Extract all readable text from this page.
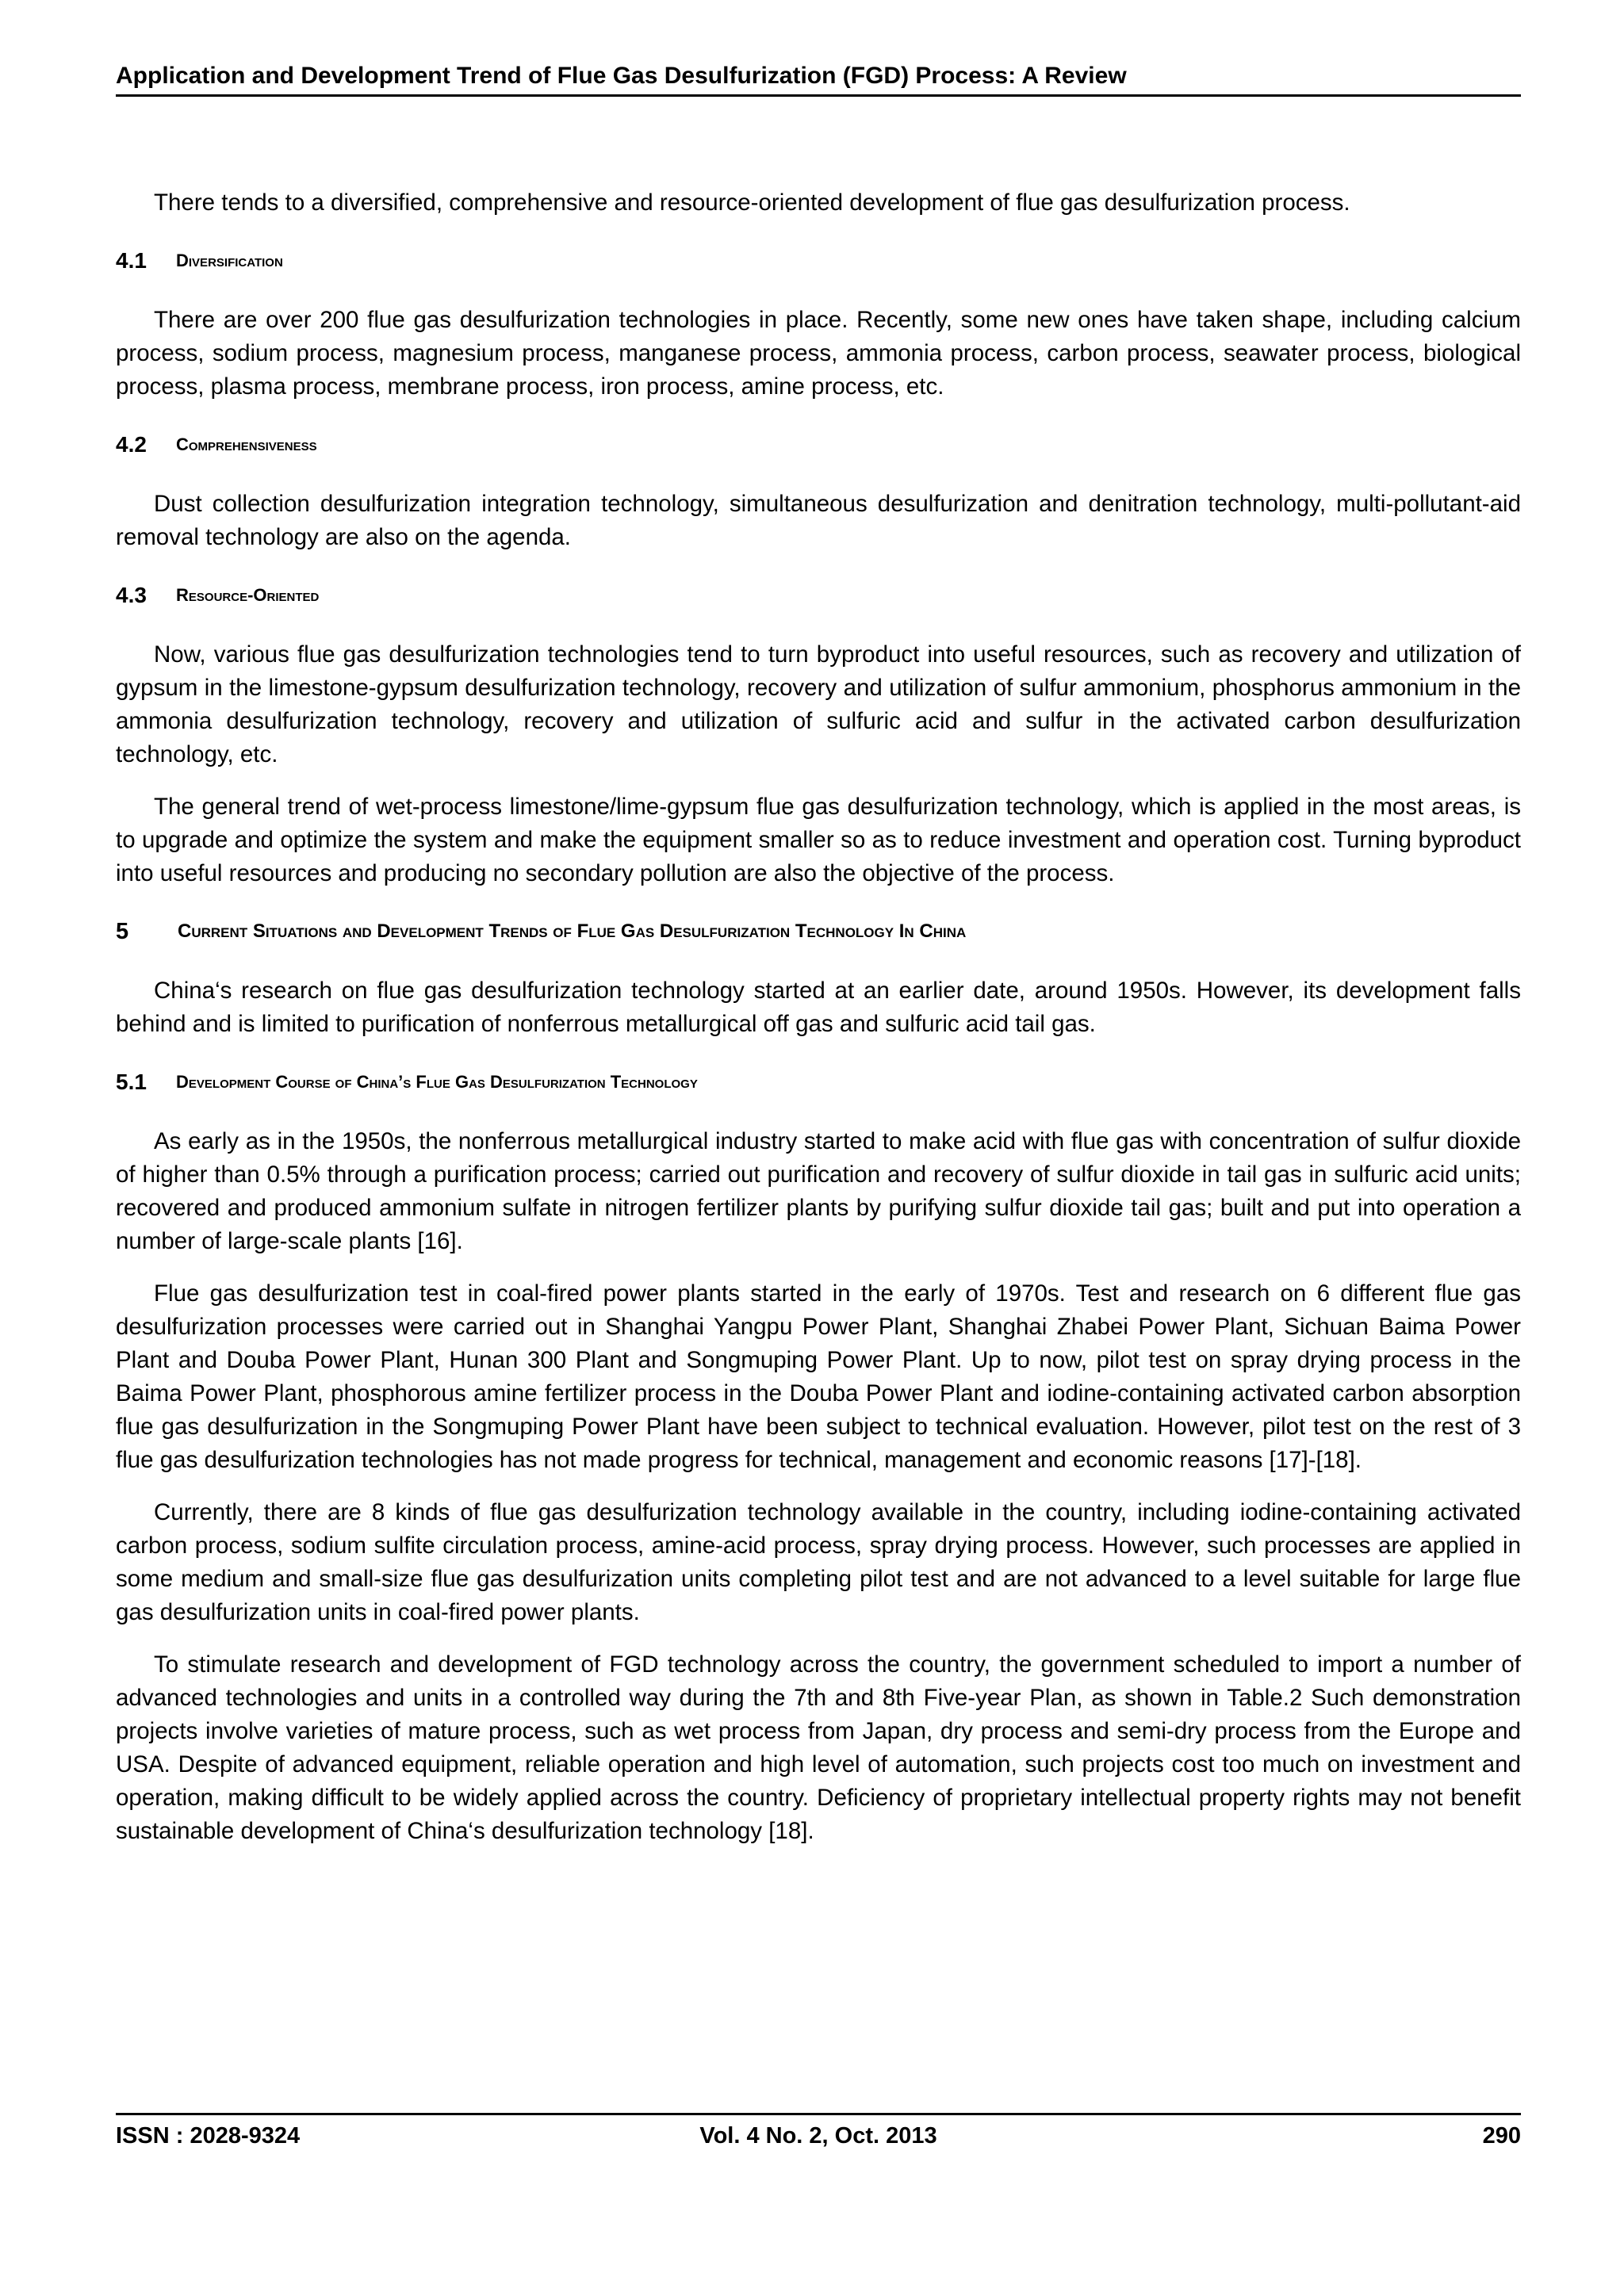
Application and Development Trend of Flue Gas Desulfurization (FGD) Process: A Review

There tends to a diversified, comprehensive and resource-oriented development of flue gas desulfurization process.

4.1	Diversification

There are over 200 flue gas desulfurization technologies in place. Recently, some new ones have taken shape, including calcium process, sodium process, magnesium process, manganese process, ammonia process, carbon process, seawater process, biological process, plasma process, membrane process, iron process, amine process, etc.

4.2	Comprehensiveness

Dust collection desulfurization integration technology, simultaneous desulfurization and denitration technology, multi-pollutant-aid removal technology are also on the agenda.

4.3	Resource-Oriented

Now, various flue gas desulfurization technologies tend to turn byproduct into useful resources, such as recovery and utilization of gypsum in the limestone-gypsum desulfurization technology, recovery and utilization of sulfur ammonium, phosphorus ammonium in the ammonia desulfurization technology, recovery and utilization of sulfuric acid and sulfur in the activated carbon desulfurization technology, etc.

The general trend of wet-process limestone/lime-gypsum flue gas desulfurization technology, which is applied in the most areas, is to upgrade and optimize the system and make the equipment smaller so as to reduce investment and operation cost. Turning byproduct into useful resources and producing no secondary pollution are also the objective of the process.

5	Current Situations and Development Trends of Flue Gas Desulfurization Technology In China

China‘s research on flue gas desulfurization technology started at an earlier date, around 1950s. However, its development falls behind and is limited to purification of nonferrous metallurgical off gas and sulfuric acid tail gas.

5.1	Development Course of China’s Flue Gas Desulfurization Technology

As early as in the 1950s, the nonferrous metallurgical industry started to make acid with flue gas with concentration of sulfur dioxide of higher than 0.5% through a purification process; carried out purification and recovery of sulfur dioxide in tail gas in sulfuric acid units; recovered and produced ammonium sulfate in nitrogen fertilizer plants by purifying sulfur dioxide tail gas; built and put into operation a number of large-scale plants [16].

Flue gas desulfurization test in coal-fired power plants started in the early of 1970s. Test and research on 6 different flue gas desulfurization processes were carried out in Shanghai Yangpu Power Plant, Shanghai Zhabei Power Plant, Sichuan Baima Power Plant and Douba Power Plant, Hunan 300 Plant and Songmuping Power Plant. Up to now, pilot test on spray drying process in the Baima Power Plant, phosphorous amine fertilizer process in the Douba Power Plant and iodine-containing activated carbon absorption flue gas desulfurization in the Songmuping Power Plant have been subject to technical evaluation. However, pilot test on the rest of 3 flue gas desulfurization technologies has not made progress for technical, management and economic reasons [17]-[18].

Currently, there are 8 kinds of flue gas desulfurization technology available in the country, including iodine-containing activated carbon process, sodium sulfite circulation process, amine-acid process, spray drying process. However, such processes are applied in some medium and small-size flue gas desulfurization units completing pilot test and are not advanced to a level suitable for large flue gas desulfurization units in coal-fired power plants.

To stimulate research and development of FGD technology across the country, the government scheduled to import a number of advanced technologies and units in a controlled way during the 7th and 8th Five-year Plan, as shown in Table.2 Such demonstration projects involve varieties of mature process, such as wet process from Japan, dry process and semi-dry process from the Europe and USA. Despite of advanced equipment, reliable operation and high level of automation, such projects cost too much on investment and operation, making difficult to be widely applied across the country. Deficiency of proprietary intellectual property rights may not benefit sustainable development of China‘s desulfurization technology [18].

ISSN : 2028-9324	Vol. 4 No. 2, Oct. 2013	290
